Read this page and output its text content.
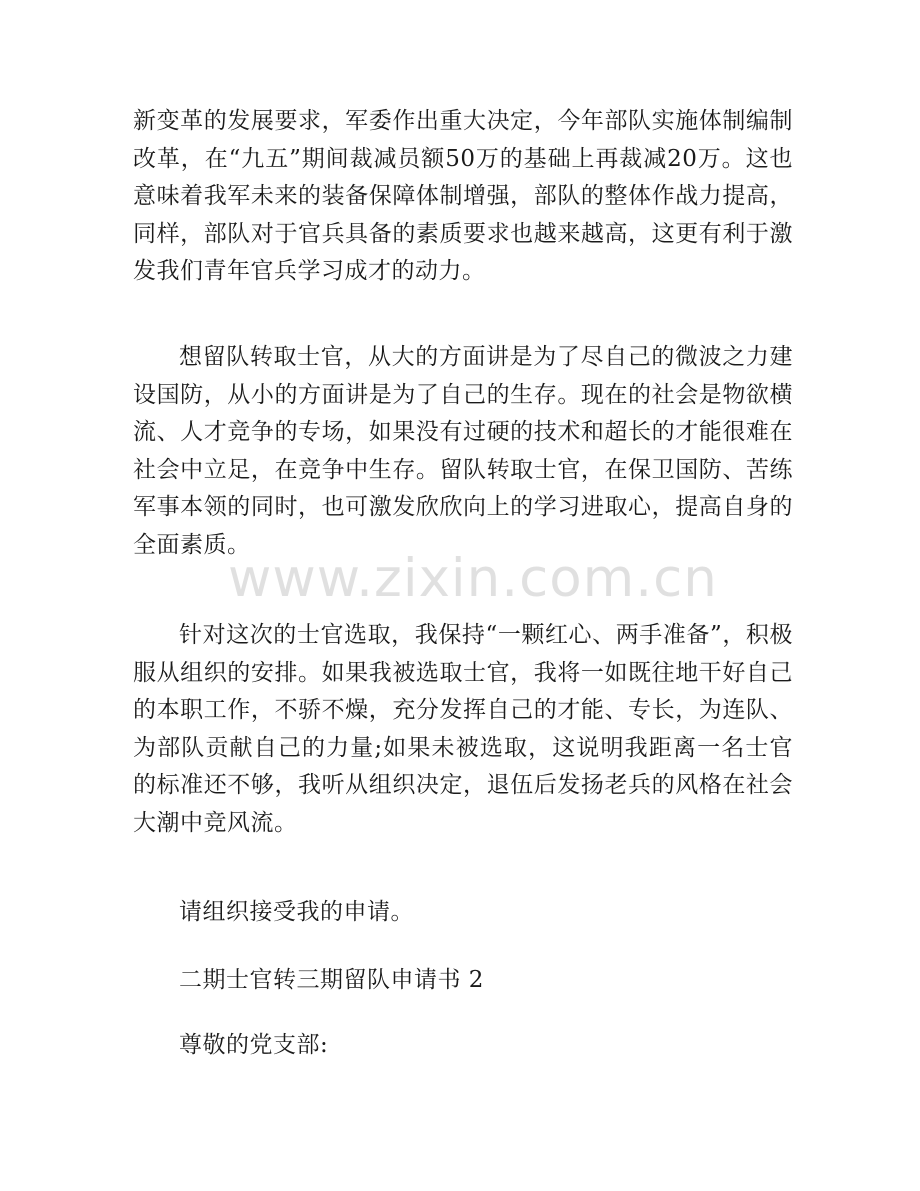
新变革的发展要求，军委作出重大决定，今年部队实施体制编制改革，在“九五”期间裁减员额50万的基础上再裁减20万。这也意味着我军未来的装备保障体制增强，部队的整体作战力提高，同样，部队对于官兵具备的素质要求也越来越高，这更有利于激发我们青年官兵学习成才的动力。

想留队转取士官，从大的方面讲是为了尽自己的微波之力建设国防，从小的方面讲是为了自己的生存。现在的社会是物欲横流、人才竞争的专场，如果没有过硬的技术和超长的才能很难在社会中立足，在竞争中生存。留队转取士官，在保卫国防、苦练军事本领的同时，也可激发欣欣向上的学习进取心，提高自身的全面素质。

针对这次的士官选取，我保持“一颗红心、两手准备”，积极服从组织的安排。如果我被选取士官，我将一如既往地干好自己的本职工作，不骄不燥，充分发挥自己的才能、专长，为连队、为部队贡献自己的力量;如果未被选取，这说明我距离一名士官的标准还不够，我听从组织决定，退伍后发扬老兵的风格在社会大潮中竞风流。

请组织接受我的申请。

二期士官转三期留队申请书 2

尊敬的党支部:

www.zixin.com.cn
